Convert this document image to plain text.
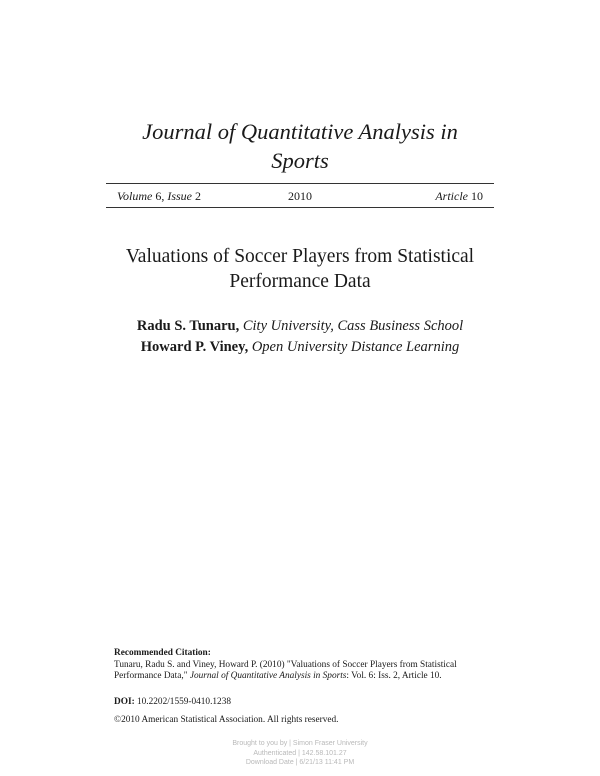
Journal of Quantitative Analysis in
Sports
Volume 6, Issue 2	2010	Article 10
Valuations of Soccer Players from Statistical
Performance Data
Radu S. Tunaru, City University, Cass Business School
Howard P. Viney, Open University Distance Learning
Recommended Citation:
Tunaru, Radu S. and Viney, Howard P. (2010) "Valuations of Soccer Players from Statistical
Performance Data," Journal of Quantitative Analysis in Sports: Vol. 6: Iss. 2, Article 10.
DOI: 10.2202/1559-0410.1238
©2010 American Statistical Association. All rights reserved.
Brought to you by | Simon Fraser University
Authenticated | 142.58.101.27
Download Date | 6/21/13 11:41 PM
